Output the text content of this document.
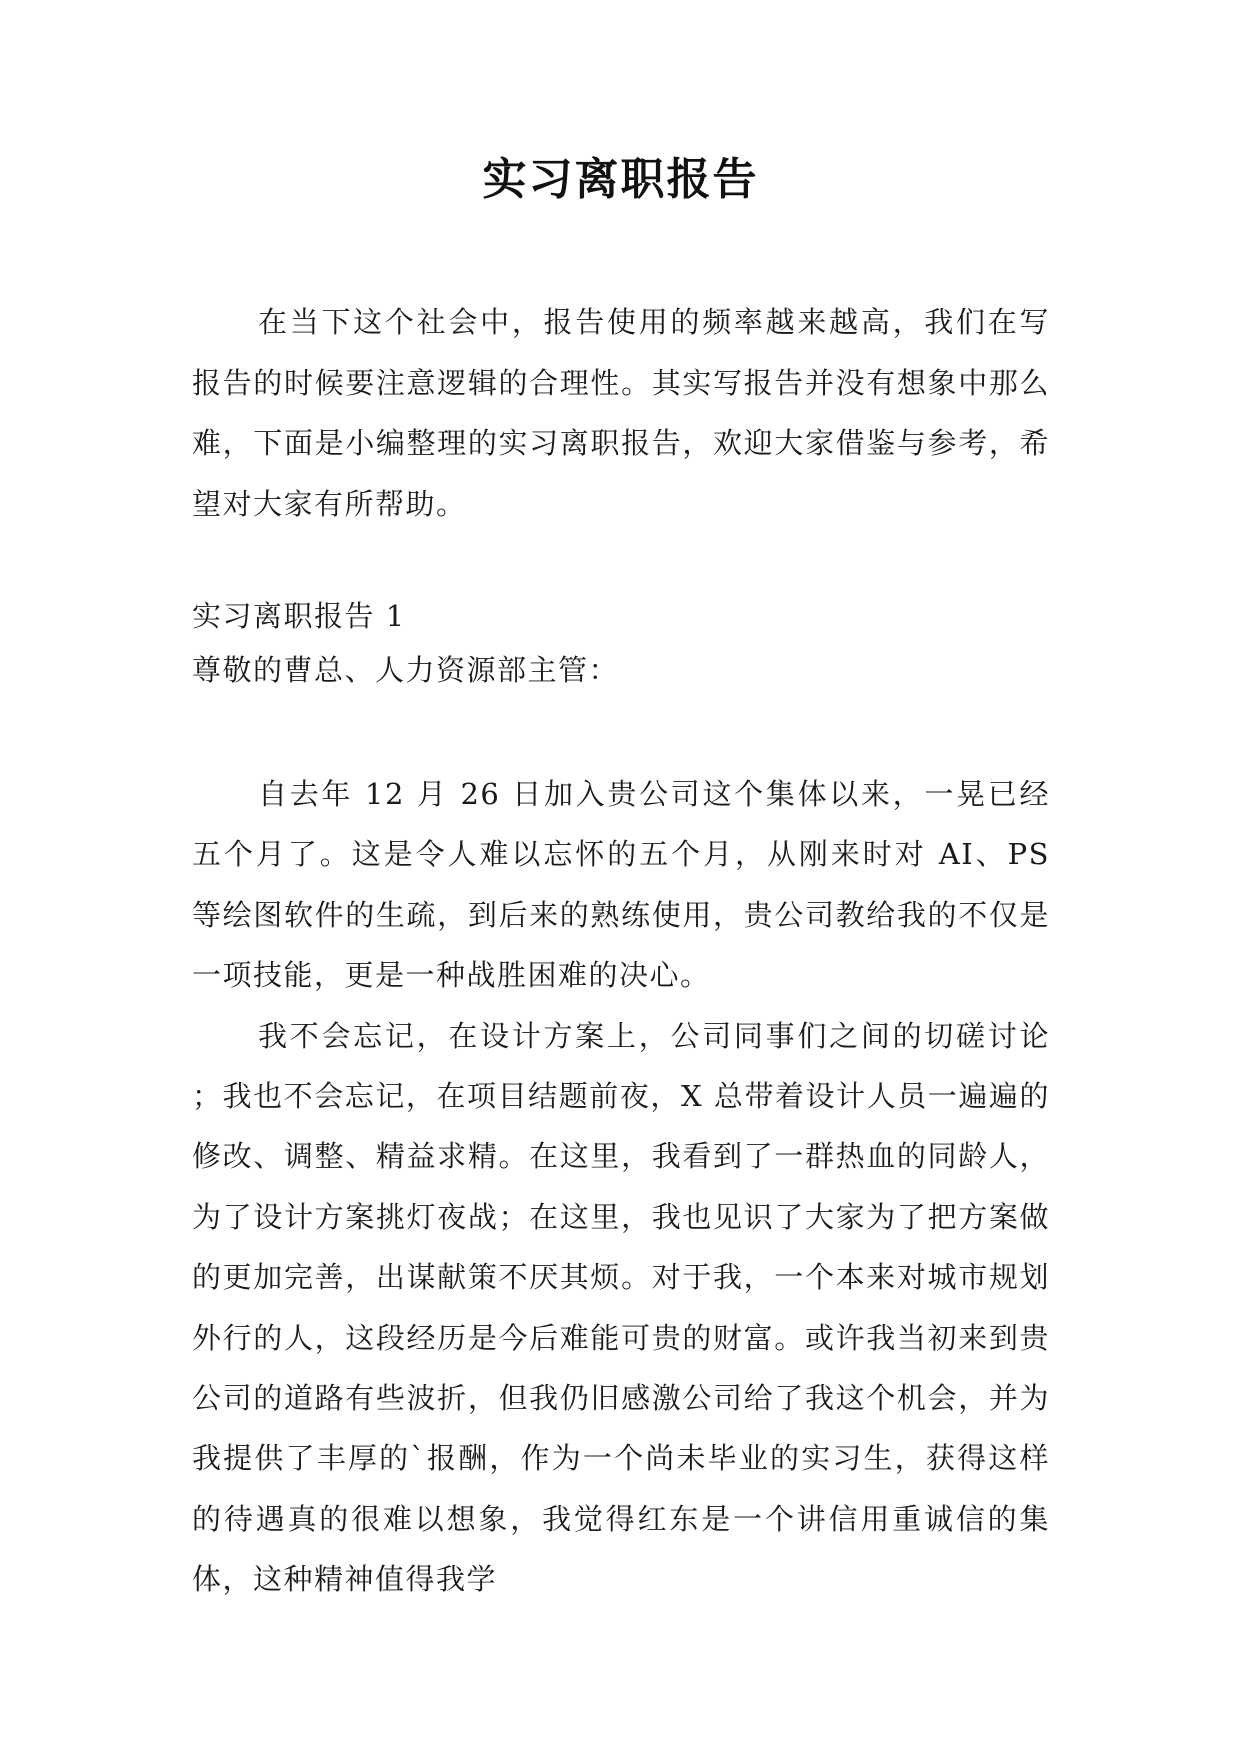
实习离职报告

在当下这个社会中，报告使用的频率越来越高，我们在写报告的时候要注意逻辑的合理性。其实写报告并没有想象中那么难，下面是小编整理的实习离职报告，欢迎大家借鉴与参考，希望对大家有所帮助。

实习离职报告 1
尊敬的曹总、人力资源部主管：

自去年 12 月 26 日加入贵公司这个集体以来，一晃已经五个月了。这是令人难以忘怀的五个月，从刚来时对 AI、PS 等绘图软件的生疏，到后来的熟练使用，贵公司教给我的不仅是一项技能，更是一种战胜困难的决心。

我不会忘记，在设计方案上，公司同事们之间的切磋讨论 ；我也不会忘记，在项目结题前夜，X 总带着设计人员一遍遍的修改、调整、精益求精。在这里，我看到了一群热血的同龄人，为了设计方案挑灯夜战；在这里，我也见识了大家为了把方案做的更加完善，出谋献策不厌其烦。对于我，一个本来对城市规划外行的人，这段经历是今后难能可贵的财富。或许我当初来到贵公司的道路有些波折，但我仍旧感激公司给了我这个机会，并为我提供了丰厚的`报酬，作为一个尚未毕业的实习生，获得这样的待遇真的很难以想象，我觉得红东是一个讲信用重诚信的集体，这种精神值得我学
